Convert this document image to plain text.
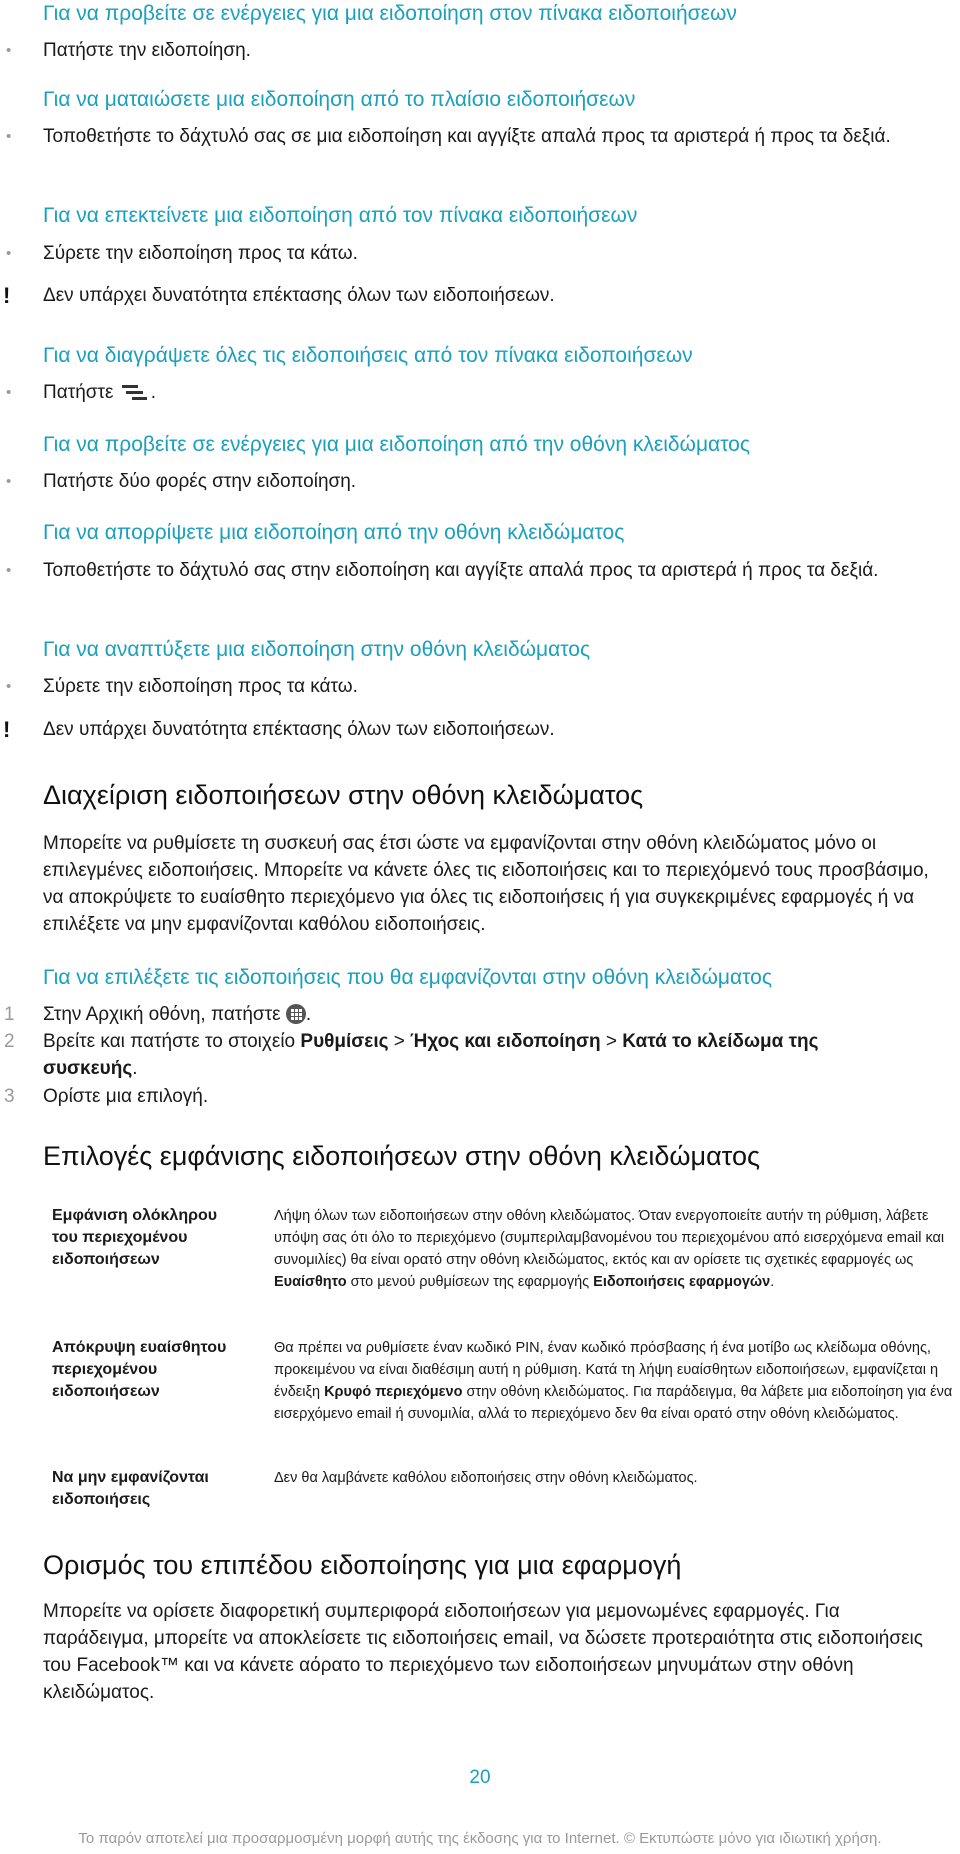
Για να προβείτε σε ενέργειες για μια ειδοποίηση στον πίνακα ειδοποιήσεων
• Πατήστε την ειδοποίηση.
Για να ματαιώσετε μια ειδοποίηση από το πλαίσιο ειδοποιήσεων
• Τοποθετήστε το δάχτυλό σας σε μια ειδοποίηση και αγγίξτε απαλά προς τα αριστερά ή προς τα δεξιά.
Για να επεκτείνετε μια ειδοποίηση από τον πίνακα ειδοποιήσεων
• Σύρετε την ειδοποίηση προς τα κάτω.
! Δεν υπάρχει δυνατότητα επέκτασης όλων των ειδοποιήσεων.
Για να διαγράψετε όλες τις ειδοποιήσεις από τον πίνακα ειδοποιήσεων
• Πατήστε .
Για να προβείτε σε ενέργειες για μια ειδοποίηση από την οθόνη κλειδώματος
• Πατήστε δύο φορές στην ειδοποίηση.
Για να απορρίψετε μια ειδοποίηση από την οθόνη κλειδώματος
• Τοποθετήστε το δάχτυλό σας στην ειδοποίηση και αγγίξτε απαλά προς τα αριστερά ή προς τα δεξιά.
Για να αναπτύξετε μια ειδοποίηση στην οθόνη κλειδώματος
• Σύρετε την ειδοποίηση προς τα κάτω.
! Δεν υπάρχει δυνατότητα επέκτασης όλων των ειδοποιήσεων.
Διαχείριση ειδοποιήσεων στην οθόνη κλειδώματος

Μπορείτε να ρυθμίσετε τη συσκευή σας έτσι ώστε να εμφανίζονται στην οθόνη κλειδώματος μόνο οι επιλεγμένες ειδοποιήσεις. Μπορείτε να κάνετε όλες τις ειδοποιήσεις και το περιεχόμενό τους προσβάσιμο, να αποκρύψετε το ευαίσθητο περιεχόμενο για όλες τις ειδοποιήσεις ή για συγκεκριμένες εφαρμογές ή να επιλέξετε να μην εμφανίζονται καθόλου ειδοποιήσεις.

Για να επιλέξετε τις ειδοποιήσεις που θα εμφανίζονται στην οθόνη κλειδώματος
1 Στην Αρχική οθόνη, πατήστε .
2 Βρείτε και πατήστε το στοιχείο Ρυθμίσεις > Ήχος και ειδοποίηση > Κατά το κλείδωμα της συσκευής.
3 Ορίστε μια επιλογή.
Επιλογές εμφάνισης ειδοποιήσεων στην οθόνη κλειδώματος
Εμφάνιση ολόκληρου του περιεχομένου ειδοποιήσεων
Λήψη όλων των ειδοποιήσεων στην οθόνη κλειδώματος. Όταν ενεργοποιείτε αυτήν τη ρύθμιση, λάβετε υπόψη σας ότι όλο το περιεχόμενο (συμπεριλαμβανομένου του περιεχομένου από εισερχόμενα email και συνομιλίες) θα είναι ορατό στην οθόνη κλειδώματος, εκτός και αν ορίσετε τις σχετικές εφαρμογές ως Ευαίσθητο στο μενού ρυθμίσεων της εφαρμογής Ειδοποιήσεις εφαρμογών.
Απόκρυψη ευαίσθητου περιεχομένου ειδοποιήσεων
Θα πρέπει να ρυθμίσετε έναν κωδικό PIN, έναν κωδικό πρόσβασης ή ένα μοτίβο ως κλείδωμα οθόνης, προκειμένου να είναι διαθέσιμη αυτή η ρύθμιση. Κατά τη λήψη ευαίσθητων ειδοποιήσεων, εμφανίζεται η ένδειξη Κρυφό περιεχόμενο στην οθόνη κλειδώματος. Για παράδειγμα, θα λάβετε μια ειδοποίηση για ένα εισερχόμενο email ή συνομιλία, αλλά το περιεχόμενο δεν θα είναι ορατό στην οθόνη κλειδώματος.
Να μην εμφανίζονται ειδοποιήσεις
Δεν θα λαμβάνετε καθόλου ειδοποιήσεις στην οθόνη κλειδώματος.
Ορισμός του επιπέδου ειδοποίησης για μια εφαρμογή

Μπορείτε να ορίσετε διαφορετική συμπεριφορά ειδοποιήσεων για μεμονωμένες εφαρμογές. Για παράδειγμα, μπορείτε να αποκλείσετε τις ειδοποιήσεις email, να δώσετε προτεραιότητα στις ειδοποιήσεις του Facebook™ και να κάνετε αόρατο το περιεχόμενο των ειδοποιήσεων μηνυμάτων στην οθόνη κλειδώματος.

20
Το παρόν αποτελεί μια προσαρμοσμένη μορφή αυτής της έκδοσης για το Internet. © Εκτυπώστε μόνο για ιδιωτική χρήση.
